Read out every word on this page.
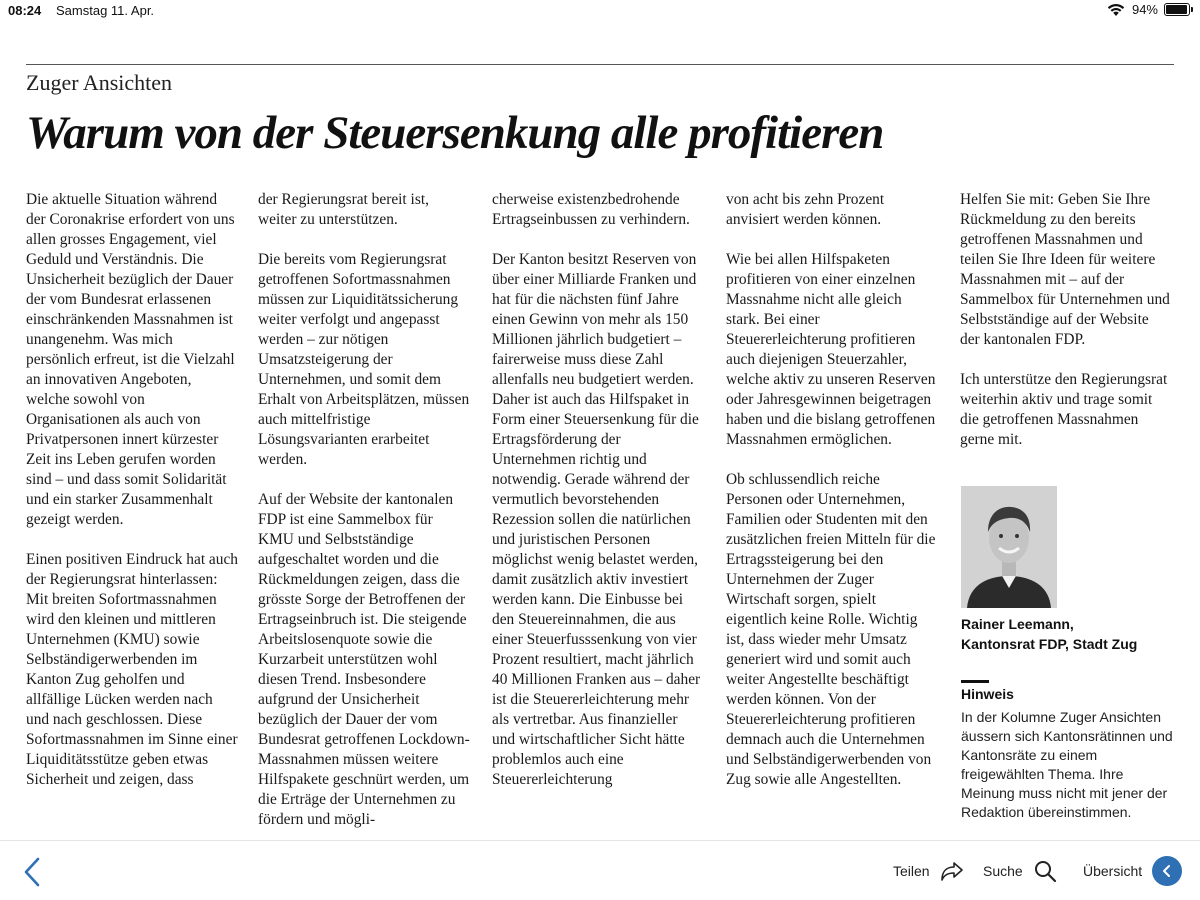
08:24 Samstag 11. Apr.	94%
Zuger Ansichten
Warum von der Steuersenkung alle profitieren

Die aktuelle Situation während der Coronakrise erfordert von uns allen grosses Engagement, viel Geduld und Verständnis. Die Unsicherheit bezüglich der Dauer der vom Bundesrat erlassenen einschränkenden Massnahmen ist unangenehm. Was mich persönlich erfreut, ist die Vielzahl an innovativen Angeboten, welche sowohl von Organisationen als auch von Privatpersonen innert kürzester Zeit ins Leben gerufen worden sind – und dass somit Solidarität und ein starker Zusammenhalt gezeigt werden.

Einen positiven Eindruck hat auch der Regierungsrat hinterlassen: Mit breiten Sofortmassnahmen wird den kleinen und mittleren Unternehmen (KMU) sowie Selbständigerwerbenden im Kanton Zug geholfen und allfällige Lücken werden nach und nach geschlossen. Diese Sofortmassnahmen im Sinne einer Liquiditätsstütze geben etwas Sicherheit und zeigen, dass

der Regierungsrat bereit ist, weiter zu unterstützen.

Die bereits vom Regierungsrat getroffenen Sofortmassnahmen müssen zur Liquiditätssicherung weiter verfolgt und angepasst werden – zur nötigen Umsatzsteigerung der Unternehmen, und somit dem Erhalt von Arbeitsplätzen, müssen auch mittelfristige Lösungsvarianten erarbeitet werden.

Auf der Website der kantonalen FDP ist eine Sammelbox für KMU und Selbstständige aufgeschaltet worden und die Rückmeldungen zeigen, dass die grösste Sorge der Betroffenen der Ertragseinbruch ist. Die steigende Arbeitslosenquote sowie die Kurzarbeit unterstützen wohl diesen Trend. Insbesondere aufgrund der Unsicherheit bezüglich der Dauer der vom Bundesrat getroffenen Lockdown-Massnahmen müssen weitere Hilfspakete geschnürt werden, um die Erträge der Unternehmen zu fördern und mögli-

cherweise existenzbedrohende Ertragseinbussen zu verhindern.

Der Kanton besitzt Reserven von über einer Milliarde Franken und hat für die nächsten fünf Jahre einen Gewinn von mehr als 150 Millionen jährlich budgetiert – fairerweise muss diese Zahl allenfalls neu budgetiert werden. Daher ist auch das Hilfspaket in Form einer Steuersenkung für die Ertragsförderung der Unternehmen richtig und notwendig. Gerade während der vermutlich bevorstehenden Rezession sollen die natürlichen und juristischen Personen möglichst wenig belastet werden, damit zusätzlich aktiv investiert werden kann. Die Einbusse bei den Steuereinnahmen, die aus einer Steuerfusssenkung von vier Prozent resultiert, macht jährlich 40 Millionen Franken aus – daher ist die Steuererleichterung mehr als vertretbar. Aus finanzieller und wirtschaftlicher Sicht hätte problemlos auch eine Steuererleichterung

von acht bis zehn Prozent anvisiert werden können.

Wie bei allen Hilfspaketen profitieren von einer einzelnen Massnahme nicht alle gleich stark. Bei einer Steuererleichterung profitieren auch diejenigen Steuerzahler, welche aktiv zu unseren Reserven oder Jahresgewinnen beigetragen haben und die bislang getroffenen Massnahmen ermöglichen.

Ob schlussendlich reiche Personen oder Unternehmen, Familien oder Studenten mit den zusätzlichen freien Mitteln für die Ertragssteigerung bei den Unternehmen der Zuger Wirtschaft sorgen, spielt eigentlich keine Rolle. Wichtig ist, dass wieder mehr Umsatz generiert wird und somit auch weiter Angestellte beschäftigt werden können. Von der Steuererleichterung profitieren demnach auch die Unternehmen und Selbständigerwerbenden von Zug sowie alle Angestellten.

Helfen Sie mit: Geben Sie Ihre Rückmeldung zu den bereits getroffenen Massnahmen und teilen Sie Ihre Ideen für weitere Massnahmen mit – auf der Sammelbox für Unternehmen und Selbstständige auf der Website der kantonalen FDP.

Ich unterstütze den Regierungsrat weiterhin aktiv und trage somit die getroffenen Massnahmen gerne mit.

Rainer Leemann,
Kantonsrat FDP, Stadt Zug
Hinweis
In der Kolumne Zuger Ansichten äussern sich Kantonsrätinnen und Kantonsräte zu einem freigewählten Thema. Ihre Meinung muss nicht mit jener der Redaktion übereinstimmen.
Teilen	Suche	Übersicht
